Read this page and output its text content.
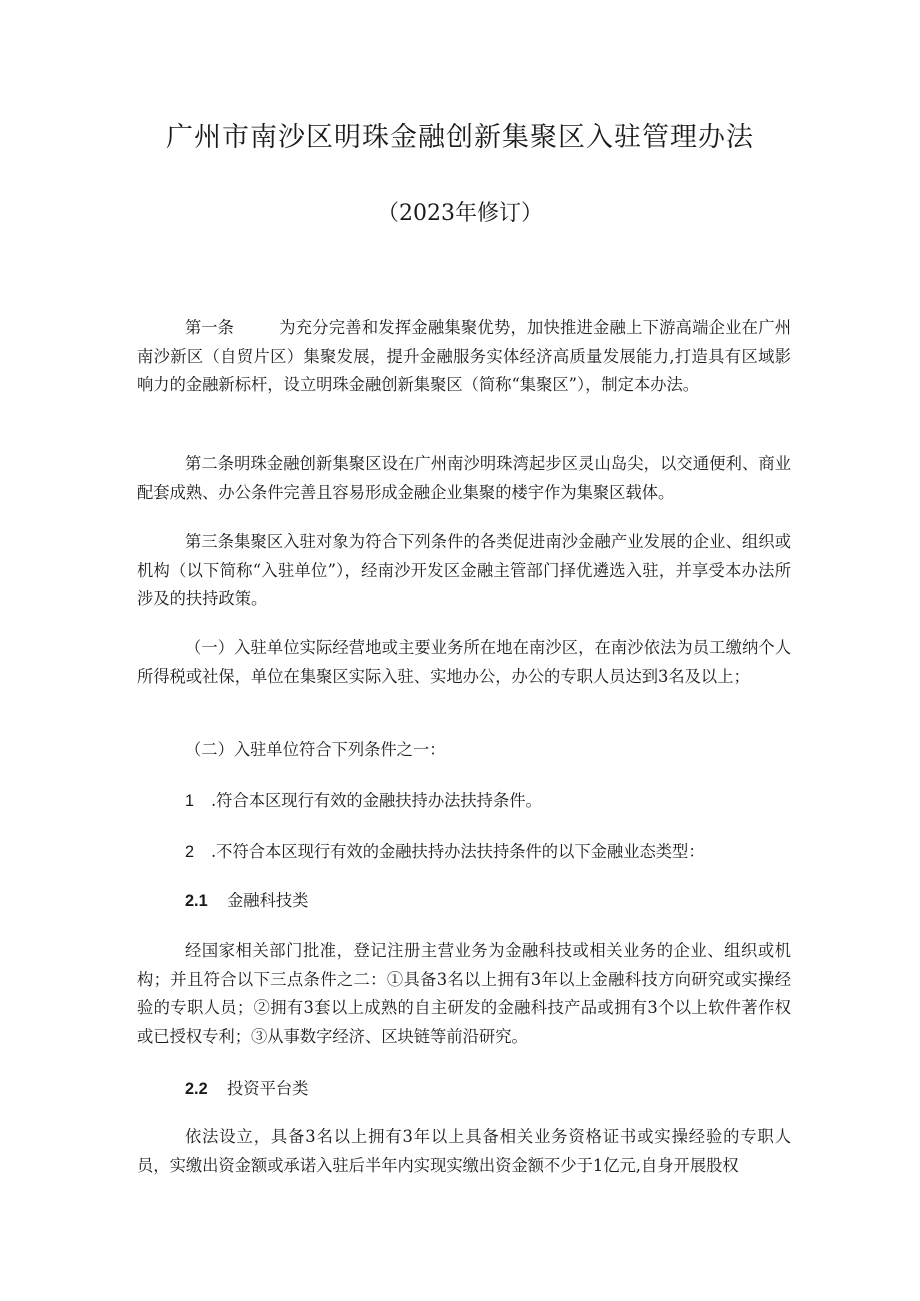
广州市南沙区明珠金融创新集聚区入驻管理办法
（2023年修订）

第一条	为充分完善和发挥金融集聚优势，加快推进金融上下游高端企业在广州南沙新区（自贸片区）集聚发展，提升金融服务实体经济高质量发展能力,打造具有区域影响力的金融新标杆，设立明珠金融创新集聚区（简称“集聚区”），制定本办法。

第二条明珠金融创新集聚区设在广州南沙明珠湾起步区灵山岛尖，以交通便利、商业配套成熟、办公条件完善且容易形成金融企业集聚的楼宇作为集聚区载体。

第三条集聚区入驻对象为符合下列条件的各类促进南沙金融产业发展的企业、组织或机构（以下简称“入驻单位”），经南沙开发区金融主管部门择优遴选入驻，并享受本办法所涉及的扶持政策。

（一）入驻单位实际经营地或主要业务所在地在南沙区，在南沙依法为员工缴纳个人所得税或社保，单位在集聚区实际入驻、实地办公，办公的专职人员达到3名及以上；

（二）入驻单位符合下列条件之一：

1 .符合本区现行有效的金融扶持办法扶持条件。
2 .不符合本区现行有效的金融扶持办法扶持条件的以下金融业态类型：
2.1 金融科技类

经国家相关部门批准，登记注册主营业务为金融科技或相关业务的企业、组织或机构；并且符合以下三点条件之二：①具备3名以上拥有3年以上金融科技方向研究或实操经验的专职人员；②拥有3套以上成熟的自主研发的金融科技产品或拥有3个以上软件著作权或已授权专利；③从事数字经济、区块链等前沿研究。

2.2 投资平台类

依法设立，具备3名以上拥有3年以上具备相关业务资格证书或实操经验的专职人员，实缴出资金额或承诺入驻后半年内实现实缴出资金额不少于1亿元,自身开展股权
